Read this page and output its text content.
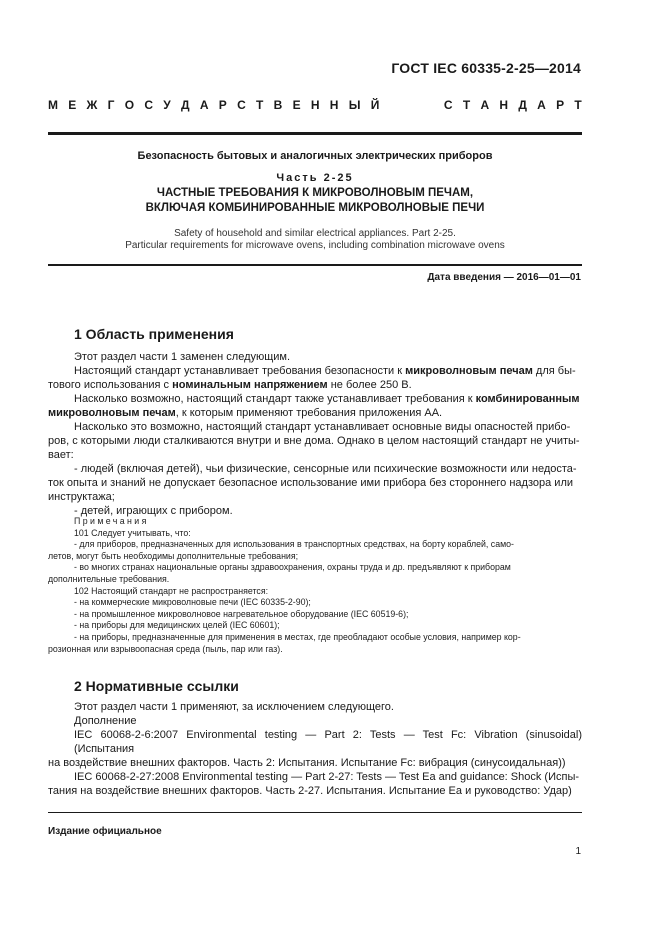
ГОСТ IEC 60335-2-25—2014
М Е Ж Г О С У Д А Р С Т В Е Н Н Ы Й	С Т А Н Д А Р Т
Безопасность бытовых и аналогичных электрических приборов
Часть 2-25
ЧАСТНЫЕ ТРЕБОВАНИЯ К МИКРОВОЛНОВЫМ ПЕЧАМ,
ВКЛЮЧАЯ КОМБИНИРОВАННЫЕ МИКРОВОЛНОВЫЕ ПЕЧИ
Safety of household and similar electrical appliances. Part 2-25.
Particular requirements for microwave ovens, including combination microwave ovens
Дата введения — 2016—01—01
1 Область применения

Этот раздел части 1 заменен следующим.

Настоящий стандарт устанавливает требования безопасности к микроволновым печам для бы-

тового использования с номинальным напряжением не более 250 В.

Насколько возможно, настоящий стандарт также устанавливает требования к комбинированным

микроволновым печам, к которым применяют требования приложения АА.

Насколько это возможно, настоящий стандарт устанавливает основные виды опасностей прибо-

ров, с которыми люди сталкиваются внутри и вне дома. Однако в целом настоящий стандарт не учиты-

вает:

- людей (включая детей), чьи физические, сенсорные или психические возможности или недоста-

ток опыта и знаний не допускает безопасное использование ими прибора без стороннего надзора или

инструктажа;

- детей, играющих с прибором.

Примечания

101 Следует учитывать, что:

- для приборов, предназначенных для использования в транспортных средствах, на борту кораблей, само-

летов, могут быть необходимы дополнительные требования;

- во многих странах национальные органы здравоохранения, охраны труда и др. предъявляют к приборам

дополнительные требования.

102 Настоящий стандарт не распространяется:

- на коммерческие микроволновые печи (IEC 60335-2-90);

- на промышленное микроволновое нагревательное оборудование (IEC 60519-6);

- на приборы для медицинских целей (IEC 60601);

- на приборы, предназначенные для применения в местах, где преобладают особые условия, например кор-

розионная или взрывоопасная среда (пыль, пар или газ).

2 Нормативные ссылки

Этот раздел части 1 применяют, за исключением следующего.

Дополнение

IEC 60068-2-6:2007 Environmental testing — Part 2: Tests — Test Fc: Vibration (sinusoidal) (Испытания

на воздействие внешних факторов. Часть 2: Испытания. Испытание Fc: вибрация (синусоидальная))

IEC 60068-2-27:2008 Environmental testing — Part 2-27: Tests — Test Ea and guidance: Shock (Испы-

тания на воздействие внешних факторов. Часть 2-27. Испытания. Испытание Ea и руководство: Удар)

Издание официальное
1
